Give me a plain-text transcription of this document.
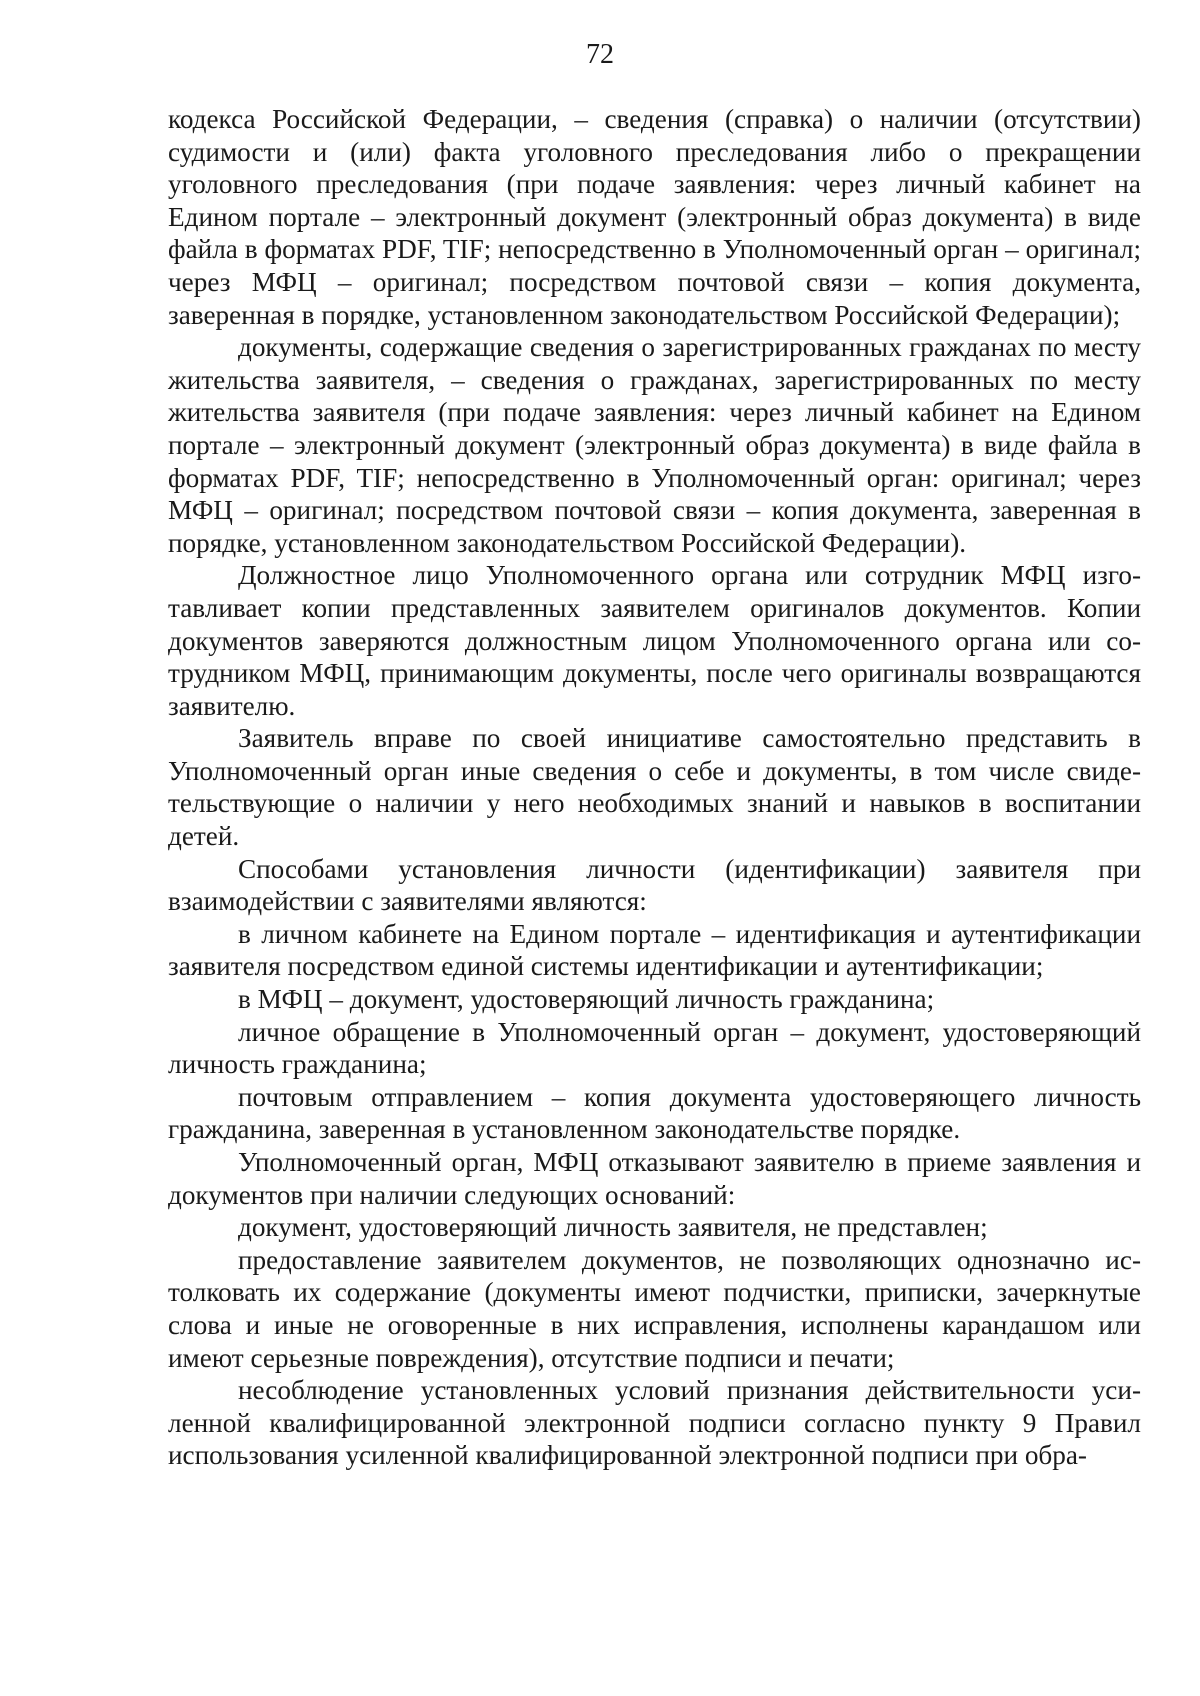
72

кодекса Российской Федерации, – сведения (справка) о наличии (отсутствии) судимости и (или) факта уголовного преследования либо о прекращении уголовного преследования (при подаче заявления: через личный кабинет на Едином портале – электронный документ (электронный образ документа) в виде файла в форматах PDF, TIF; непосредственно в Уполномоченный орган – оригинал; через МФЦ – оригинал; посредством почтовой связи – копия документа, заверенная в порядке, установленном законодательством Российской Федерации);

документы, содержащие сведения о зарегистрированных гражданах по месту жительства заявителя, – сведения о гражданах, зарегистрированных по месту жительства заявителя (при подаче заявления: через личный кабинет на Едином портале – электронный документ (электронный образ документа) в виде файла в форматах PDF, TIF; непосредственно в Уполномоченный орган: оригинал; через МФЦ – оригинал; посредством почтовой связи – копия документа, заверенная в порядке, установленном законодательством Российской Федерации).

Должностное лицо Уполномоченного органа или сотрудник МФЦ изготавливает копии представленных заявителем оригиналов документов. Копии документов заверяются должностным лицом Уполномоченного органа или сотрудником МФЦ, принимающим документы, после чего оригиналы возвращаются заявителю.

Заявитель вправе по своей инициативе самостоятельно представить в Уполномоченный орган иные сведения о себе и документы, в том числе свидетельствующие о наличии у него необходимых знаний и навыков в воспитании детей.

Способами установления личности (идентификации) заявителя при взаимодействии с заявителями являются:

в личном кабинете на Едином портале – идентификация и аутентификации заявителя посредством единой системы идентификации и аутентификации;

в МФЦ – документ, удостоверяющий личность гражданина;

личное обращение в Уполномоченный орган – документ, удостоверяющий личность гражданина;

почтовым отправлением – копия документа удостоверяющего личность гражданина, заверенная в установленном законодательстве порядке.

Уполномоченный орган, МФЦ отказывают заявителю в приеме заявления и документов при наличии следующих оснований:

документ, удостоверяющий личность заявителя, не представлен;

предоставление заявителем документов, не позволяющих однозначно истолковать их содержание (документы имеют подчистки, приписки, зачеркнутые слова и иные не оговоренные в них исправления, исполнены карандашом или имеют серьезные повреждения), отсутствие подписи и печати;

несоблюдение установленных условий признания действительности усиленной квалифицированной электронной подписи согласно пункту 9 Правил использования усиленной квалифицированной электронной подписи при обра-
